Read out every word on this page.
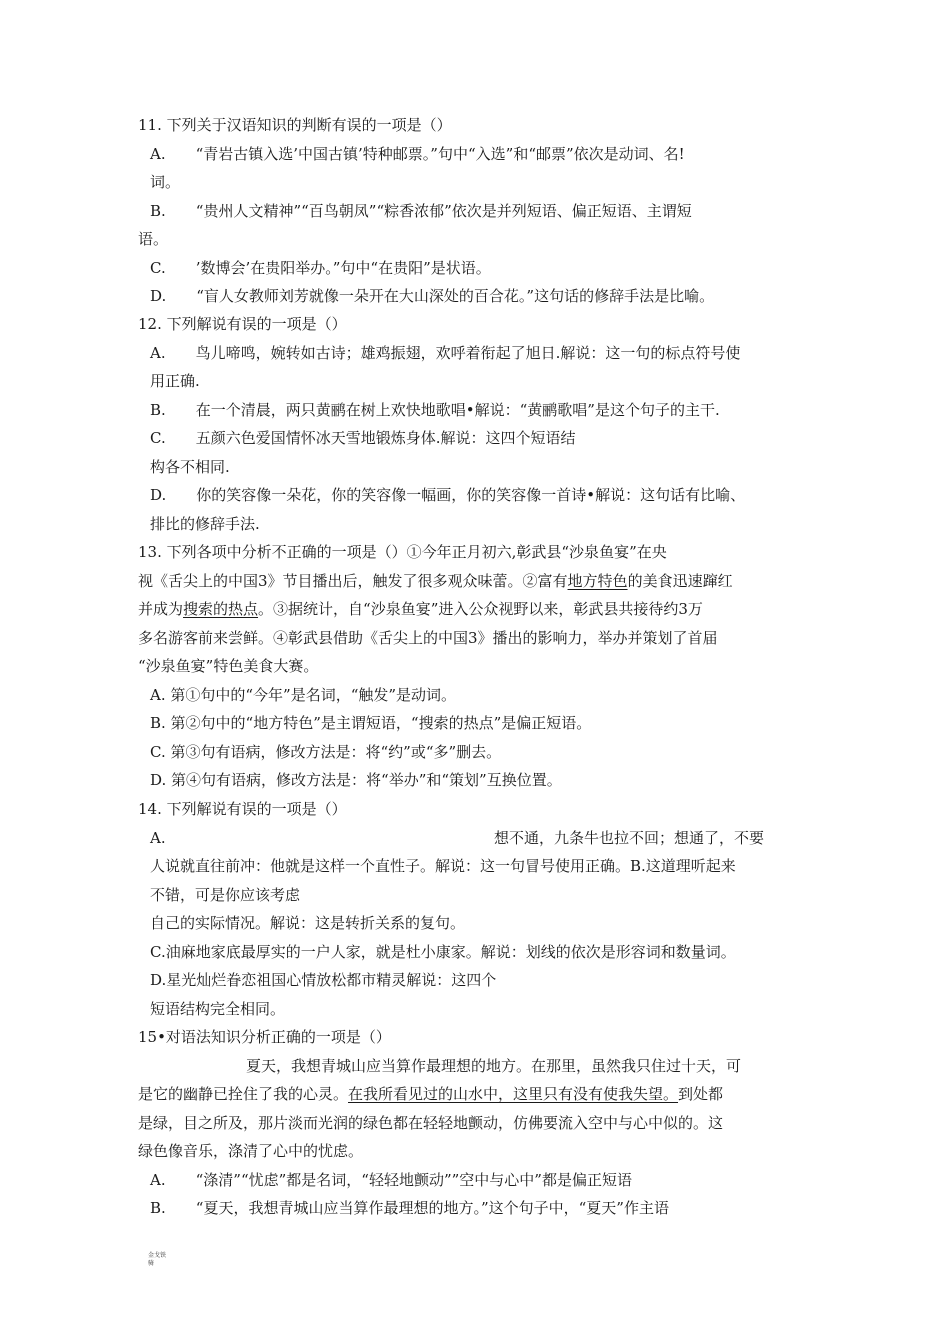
11. 下列关于汉语知识的判断有误的一项是（）
A.　　“青岩古镇入选’中国古镇’特种邮票。”句中“入选”和“邮票”依次是动词、名!
词。
B.　　“贵州人文精神”“百鸟朝凤”“粽香浓郁”依次是并列短语、偏正短语、主谓短
语。
C.　　’数博会’在贵阳举办。”句中“在贵阳”是状语。
D.　　“盲人女教师刘芳就像一朵开在大山深处的百合花。”这句话的修辞手法是比喻。
12. 下列解说有误的一项是（）
A.　　鸟儿啼鸣，婉转如古诗；雄鸡振翅，欢呼着衔起了旭日.解说：这一句的标点符号使
用正确.
B.　　在一个清晨，两只黄鹂在树上欢快地歌唱•解说：“黄鹂歌唱”是这个句子的主干.
C.　　五颜六色爱国情怀冰天雪地锻炼身体.解说：这四个短语结
构各不相同.
D.　　你的笑容像一朵花，你的笑容像一幅画，你的笑容像一首诗•解说：这句话有比喻、
排比的修辞手法.
13. 下列各项中分析不正确的一项是（）①今年正月初六,彰武县“沙泉鱼宴”在央
视《舌尖上的中国3》节目播出后，触发了很多观众味蕾。②富有地方特色的美食迅速蹿红
并成为搜索的热点。③据统计，自“沙泉鱼宴”进入公众视野以来，彰武县共接待约3万
多名游客前来尝鲜。④彰武县借助《舌尖上的中国3》播出的影响力，举办并策划了首届
“沙泉鱼宴”特色美食大赛。
A. 第①句中的“今年”是名词，“触发”是动词。
B. 第②句中的“地方特色”是主谓短语，“搜索的热点”是偏正短语。
C. 第③句有语病，修改方法是：将“约”或“多”删去。
D. 第④句有语病，修改方法是：将“举办”和“策划”互换位置。
14. 下列解说有误的一项是（）
A.	想不通，九条牛也拉不回；想通了，不要
人说就直往前冲：他就是这样一个直性子。解说：这一句冒号使用正确。B.这道理听起来
不错，可是你应该考虑
自己的实际情况。解说：这是转折关系的复句。
C.油麻地家底最厚实的一户人家，就是杜小康家。解说：划线的依次是形容词和数量词。
D.星光灿烂眷恋祖国心情放松都市精灵解说：这四个
短语结构完全相同。
15•对语法知识分析正确的一项是（）
夏天，我想青城山应当算作最理想的地方。在那里，虽然我只住过十天，可
是它的幽静已拴住了我的心灵。在我所看见过的山水中，这里只有没有使我失望。到处都
是绿，目之所及，那片淡而光润的绿色都在轻轻地颤动，仿佛要流入空中与心中似的。这
绿色像音乐，涤清了心中的忧虑。
A.　　“涤清”“忧虑”都是名词，“轻轻地颤动””空中与心中”都是偏正短语
B.　　“夏天，我想青城山应当算作最理想的地方。”这个句子中，“夏天”作主语
金戈铁
骑
